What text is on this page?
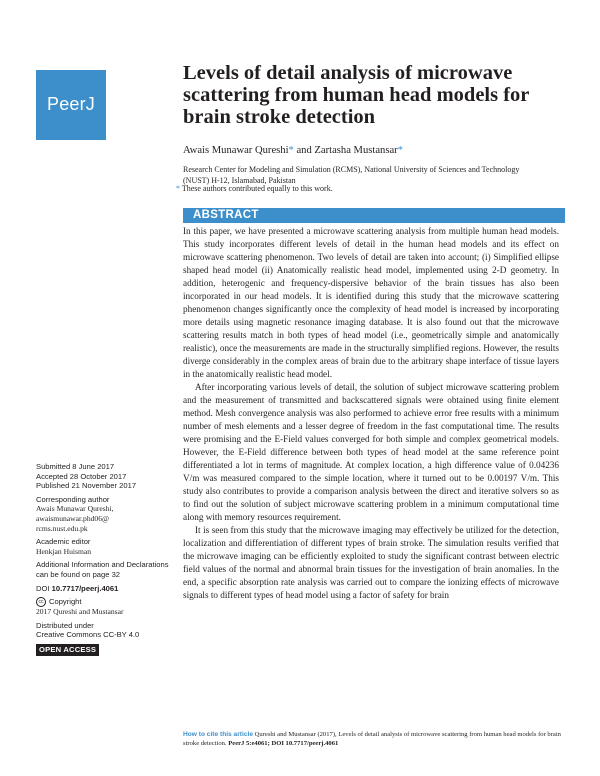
PeerJ
Levels of detail analysis of microwave scattering from human head models for brain stroke detection

Awais Munawar Qureshi* and Zartasha Mustansar*

Research Center for Modeling and Simulation (RCMS), National University of Sciences and Technology (NUST) H-12, Islamabad, Pakistan

* These authors contributed equally to this work.

ABSTRACT

In this paper, we have presented a microwave scattering analysis from multiple human head models. This study incorporates different levels of detail in the human head models and its effect on microwave scattering phenomenon. Two levels of detail are taken into account; (i) Simplified ellipse shaped head model (ii) Anatomically realistic head model, implemented using 2-D geometry. In addition, heterogenic and frequency-dispersive behavior of the brain tissues has also been incorporated in our head models. It is identified during this study that the microwave scattering phenomenon changes significantly once the complexity of head model is increased by incorporating more details using magnetic resonance imaging database. It is also found out that the microwave scattering results match in both types of head model (i.e., geometrically simple and anatomically realistic), once the measurements are made in the structurally simplified regions. However, the results diverge considerably in the complex areas of brain due to the arbitrary shape interface of tissue layers in the anatomically realistic head model.

After incorporating various levels of detail, the solution of subject microwave scattering problem and the measurement of transmitted and backscattered signals were obtained using finite element method. Mesh convergence analysis was also performed to achieve error free results with a minimum number of mesh elements and a lesser degree of freedom in the fast computational time. The results were promising and the E-Field values converged for both simple and complex geometrical models. However, the E-Field difference between both types of head model at the same reference point differentiated a lot in terms of magnitude. At complex location, a high difference value of 0.04236 V/m was measured compared to the simple location, where it turned out to be 0.00197 V/m. This study also contributes to provide a comparison analysis between the direct and iterative solvers so as to find out the solution of subject microwave scattering problem in a minimum computational time along with memory resources requirement.

It is seen from this study that the microwave imaging may effectively be utilized for the detection, localization and differentiation of different types of brain stroke. The simulation results verified that the microwave imaging can be efficiently exploited to study the significant contrast between electric field values of the normal and abnormal brain tissues for the investigation of brain anomalies. In the end, a specific absorption rate analysis was carried out to compare the ionizing effects of microwave signals to different types of head model using a factor of safety for brain

Submitted 8 June 2017
Accepted 28 October 2017
Published 21 November 2017
Corresponding author
Awais Munawar Qureshi,
awaismunawar.phd06@
rcms.nust.edu.pk
Academic editor
Henkjan Huisman
Additional Information and Declarations can be found on page 32
DOI 10.7717/peerj.4061
cc Copyright
2017 Qureshi and Mustansar
Distributed under
Creative Commons CC-BY 4.0
OPEN ACCESS
How to cite this article Qureshi and Mustansar (2017), Levels of detail analysis of microwave scattering from human head models for brain stroke detection. PeerJ 5:e4061; DOI 10.7717/peerj.4061
